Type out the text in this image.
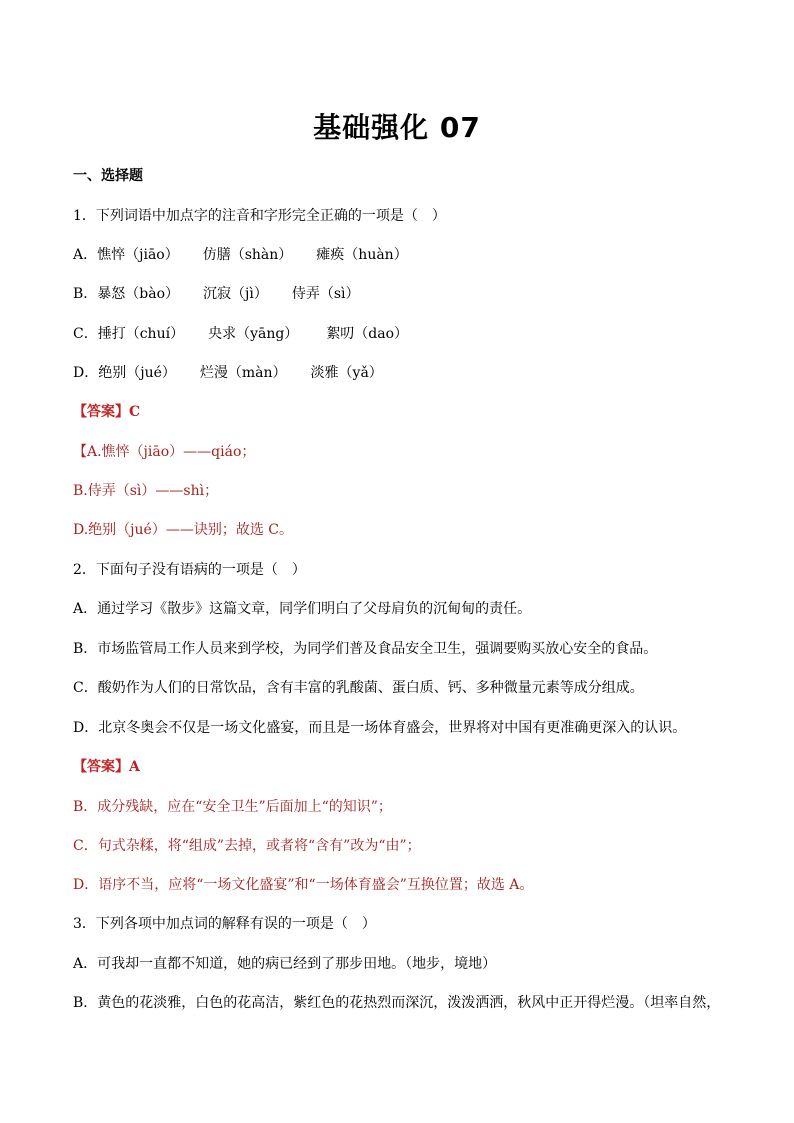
基础强化 07
一、选择题
1．下列词语中加点字的注音和字形完全正确的一项是（　）
A．憔悴（jiāo） 仿膳（shàn） 瘫痪（huàn）
B．暴怒（bào） 沉寂（jì） 侍弄（sì）
C．捶打（chuí） 央求（yāng） 絮叨（dao）
D．绝别（jué） 烂漫（màn） 淡雅（yǎ）
【答案】C
【A.憔悴（jiāo）——qiáo；
B.侍弄（sì）——shì；
D.绝别（jué）——诀别；故选 C。
2．下面句子没有语病的一项是（　）
A．通过学习《散步》这篇文章，同学们明白了父母肩负的沉甸甸的责任。
B．市场监管局工作人员来到学校，为同学们普及食品安全卫生，强调要购买放心安全的食品。
C．酸奶作为人们的日常饮品，含有丰富的乳酸菌、蛋白质、钙、多种微量元素等成分组成。
D．北京冬奥会不仅是一场文化盛宴，而且是一场体育盛会，世界将对中国有更准确更深入的认识。
【答案】A
B．成分残缺，应在“安全卫生”后面加上“的知识”；
C．句式杂糅，将“组成”去掉，或者将“含有”改为“由”；
D．语序不当，应将“一场文化盛宴”和“一场体育盛会”互换位置；故选 A。
3．下列各项中加点词的解释有误的一项是（　）
A．可我却一直都不知道，她的病已经到了那步田地。（地步，境地）
B．黄色的花淡雅，白色的花高洁，紫红色的花热烈而深沉，泼泼洒洒，秋风中正开得烂漫。（坦率自然，
